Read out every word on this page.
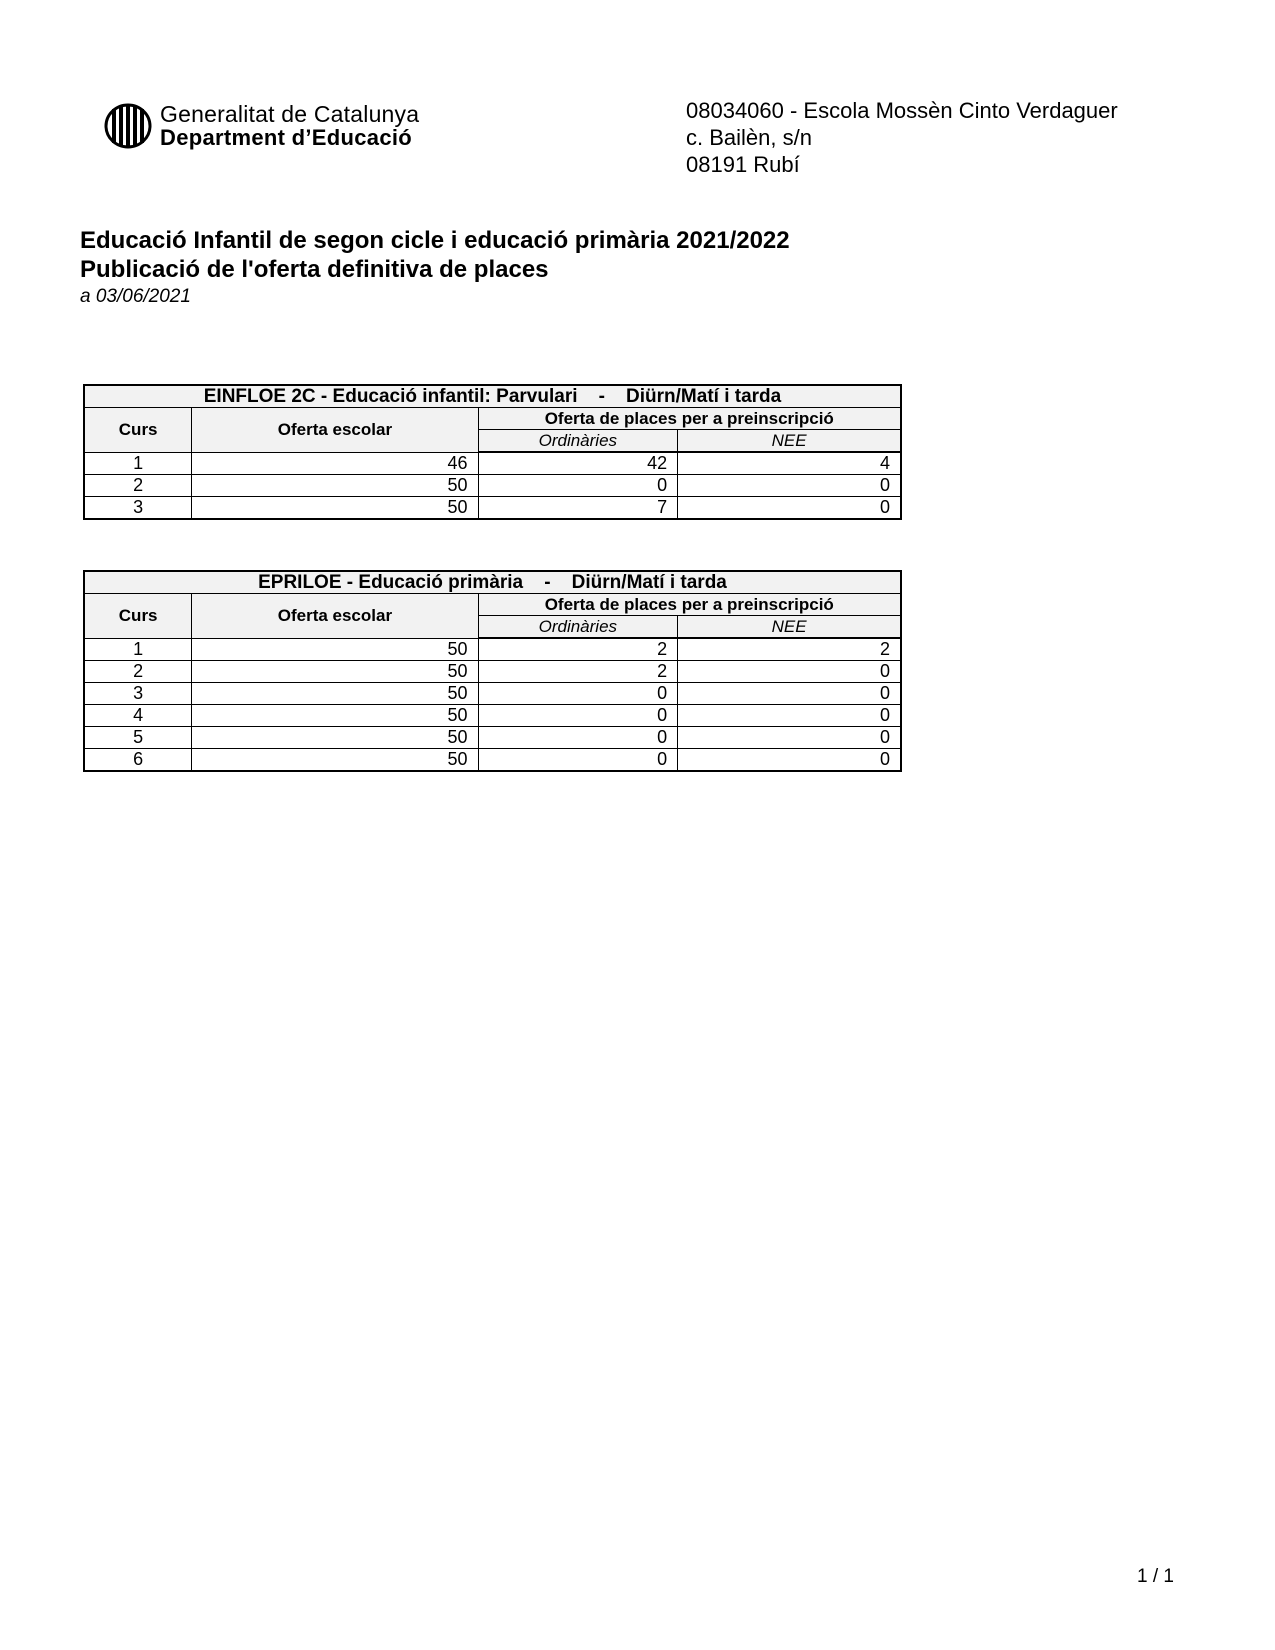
Generalitat de Catalunya
Department d’Educació
08034060 - Escola Mossèn Cinto Verdaguer
c. Bailèn, s/n
08191 Rubí
Educació Infantil de segon cicle i educació primària 2021/2022
Publicació de l'oferta definitiva de places
a 03/06/2021
EINFLOE 2C - Educació infantil: Parvulari    -    Diürn/Matí i tarda			
Curs	Oferta escolar	Oferta de places per a preinscripció	
		Ordinàries	NEE
1	46	42	4
2	50	0	0
3	50	7	0
EPRILOE - Educació primària    -    Diürn/Matí i tarda			
Curs	Oferta escolar	Oferta de places per a preinscripció	
		Ordinàries	NEE
1	50	2	2
2	50	2	0
3	50	0	0
4	50	0	0
5	50	0	0
6	50	0	0
1 / 1
